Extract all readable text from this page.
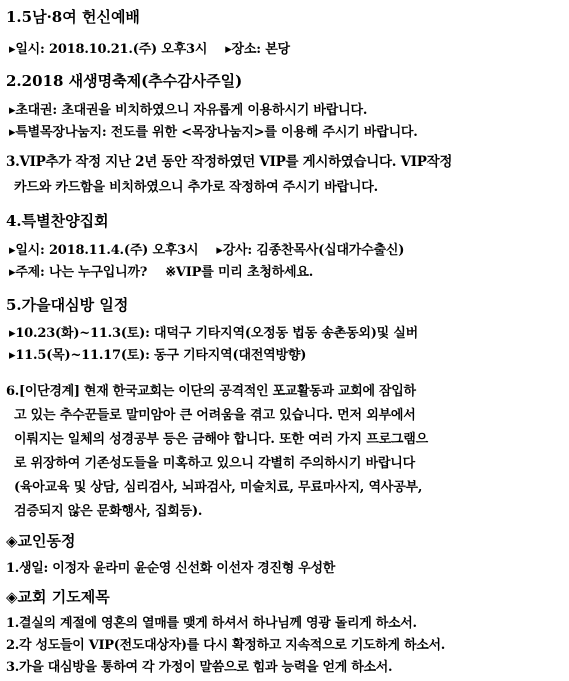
1.5남·8여 헌신예배
▸일시: 2018.10.21.(주) 오후3시 ▸장소: 본당
2.2018 새생명축제(추수감사주일)
▸초대권: 초대권을 비치하였으니 자유롭게 이용하시기 바랍니다.
▸특별목장나눔지: 전도를 위한 <목장나눔지>를 이용해 주시기 바랍니다.
3.VIP추가 작정 지난 2년 동안 작정하였던 VIP를 게시하였습니다. VIP작정
카드와 카드함을 비치하였으니 추가로 작정하여 주시기 바랍니다.
4.특별찬양집회
▸일시: 2018.11.4.(주) 오후3시 ▸강사: 김종찬목사(십대가수출신)
▸주제: 나는 누구입니까? ※VIP를 미리 초청하세요.
5.가을대심방 일정
▸10.23(화)~11.3(토): 대덕구 기타지역(오정동 법동 송촌동외)및 실버
▸11.5(목)~11.17(토): 동구 기타지역(대전역방향)
6.[이단경계] 현재 한국교회는 이단의 공격적인 포교활동과 교회에 잠입하
고 있는 추수꾼들로 말미암아 큰 어려움을 겪고 있습니다. 먼저 외부에서
이뤄지는 일체의 성경공부 등은 금해야 합니다. 또한 여러 가지 프로그램으
로 위장하여 기존성도들을 미혹하고 있으니 각별히 주의하시기 바랍니다
(육아교육 및 상담, 심리검사, 뇌파검사, 미술치료, 무료마사지, 역사공부,
검증되지 않은 문화행사, 집회등).
◈교인동정
1.생일: 이정자 윤라미 윤순영 신선화 이선자 경진형 우성한
◈교회 기도제목
1.결실의 계절에 영혼의 열매를 맺게 하셔서 하나님께 영광 돌리게 하소서.
2.각 성도들이 VIP(전도대상자)를 다시 확정하고 지속적으로 기도하게 하소서.
3.가을 대심방을 통하여 각 가정이 말씀으로 힘과 능력을 얻게 하소서.
